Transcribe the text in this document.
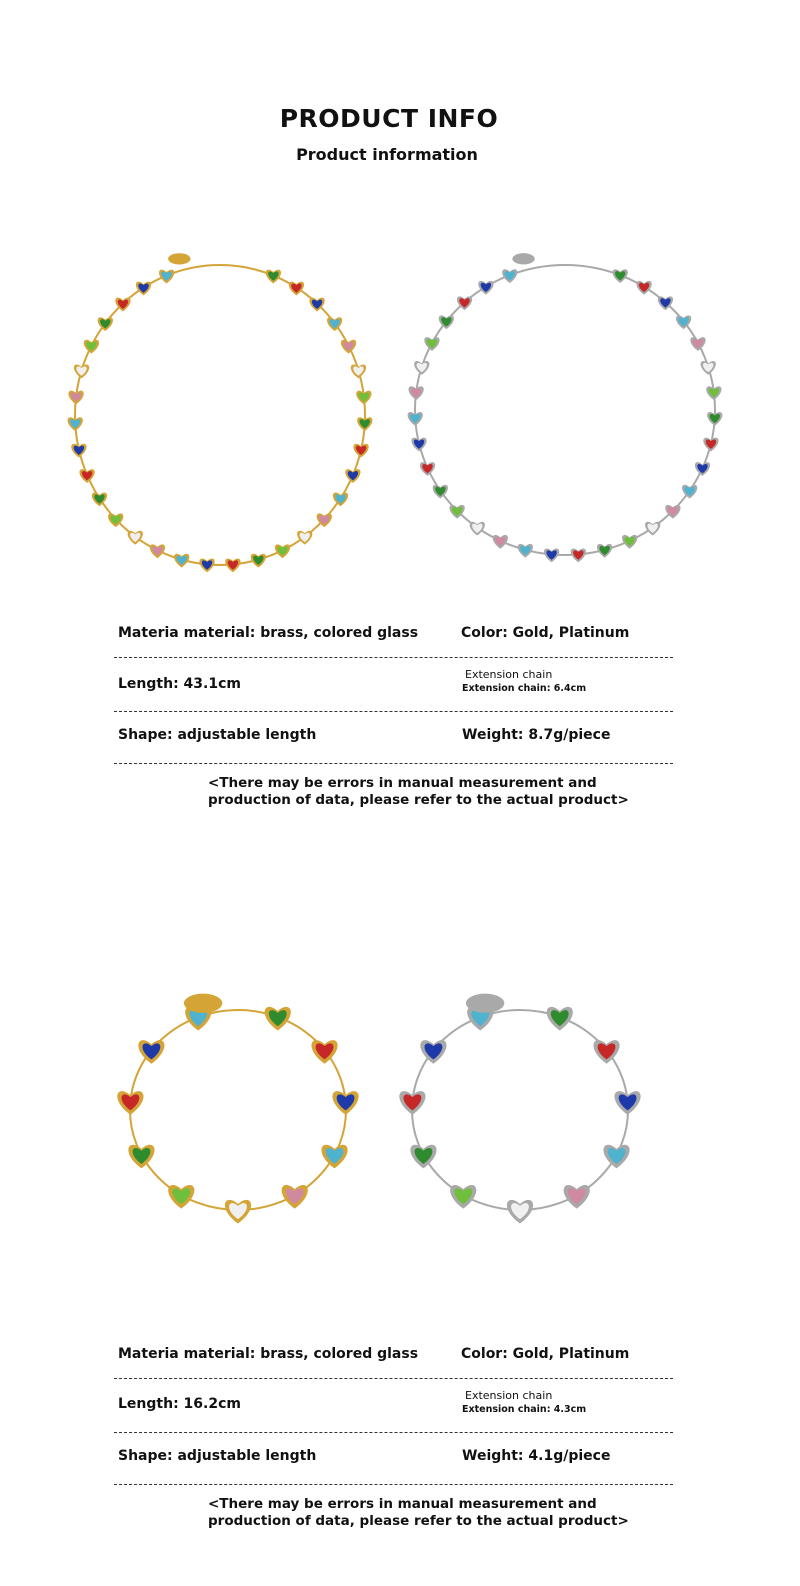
PRODUCT INFO
Product information
Materia material: brass, colored glass	Color: Gold, Platinum
Length: 43.1cm
Extension chain
Extension chain: 6.4cm
Shape: adjustable length	Weight: 8.7g/piece
<There may be errors in manual measurement and production of data, please refer to the actual product>
Materia material: brass, colored glass	Color: Gold, Platinum
Length: 16.2cm
Extension chain
Extension chain: 4.3cm
Shape: adjustable length	Weight: 4.1g/piece
<There may be errors in manual measurement and production of data, please refer to the actual product>
